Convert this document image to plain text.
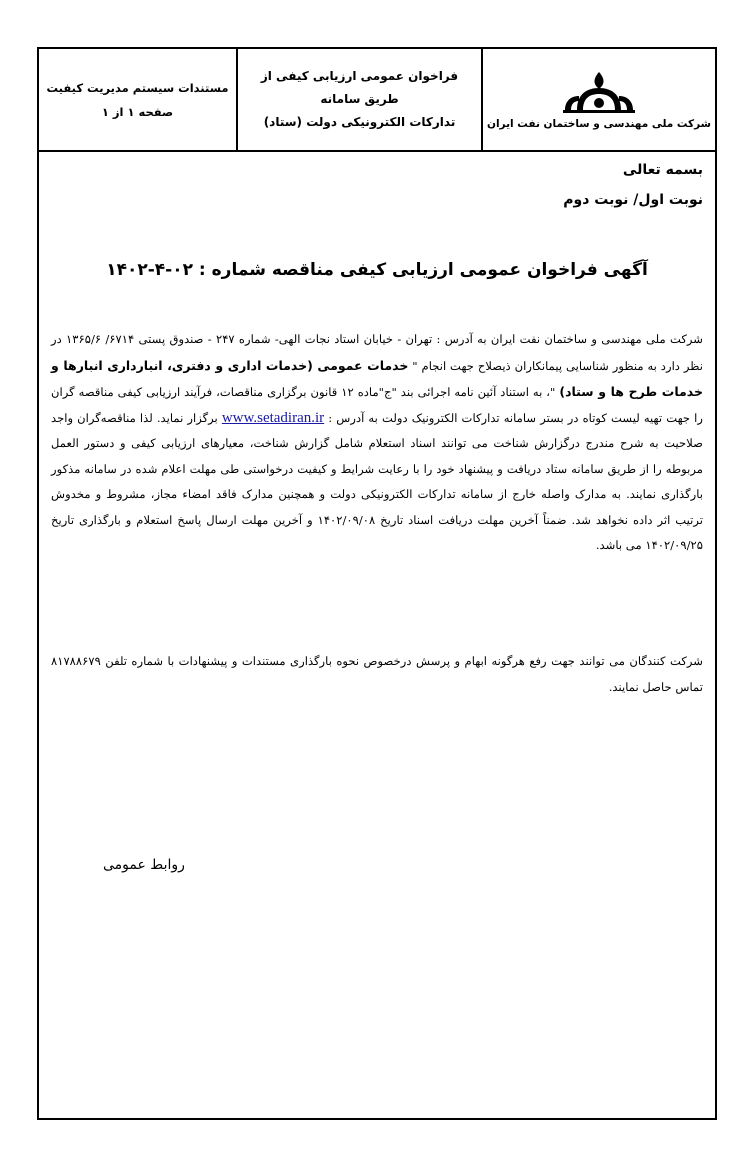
شرکت ملی مهندسی و ساختمان نفت ایران
فراخوان عمومی ارزیابی کیفی از طریق سامانه
تدارکات الکترونیکی دولت (ستاد)
مستندات سیستم مدیریت کیفیت
صفحه ۱ از ۱
بسمه تعالی
نوبت اول/ نوبت دوم
آگهی فراخوان عمومی ارزیابی کیفی مناقصه شماره : ۰۲-۴-۱۴۰۲
شرکت ملی مهندسی و ساختمان نفت ایران به آدرس : تهران - خیابان استاد نجات الهی- شماره ۲۴۷ - صندوق پستی ۶۷۱۴/ ۱۳۶۵/۶ در نظر دارد به منظور شناسایی پیمانکاران ذیصلاح جهت انجام " خدمات عمومی (خدمات اداری و دفتری، انبارداری انبارها و خدمات طرح ها و ستاد) "، به استناد آئین نامه اجرائی بند "ج"ماده ۱۲ قانون برگزاری مناقصات، فرآیند ارزیابی کیفی مناقصه گران را جهت تهیه لیست کوتاه در بستر سامانه تدارکات الکترونیک دولت به آدرس : www.setadiran.ir برگزار نماید. لذا مناقصه‌گران واجد صلاحیت به شرح مندرج درگزارش شناخت می توانند اسناد استعلام شامل گزارش شناخت، معیارهای ارزیابی کیفی و دستور العمل مربوطه را از طریق سامانه ستاد دریافت و پیشنهاد خود را با رعایت شرایط و کیفیت درخواستی طی مهلت اعلام شده در سامانه مذکور بارگذاری نمایند. به مدارک واصله خارج از سامانه تدارکات الکترونیکی دولت و همچنین مدارک فاقد امضاء مجاز، مشروط و مخدوش ترتیب اثر داده نخواهد شد. ضمناً آخرین مهلت دریافت اسناد تاریخ ۱۴۰۲/۰۹/۰۸ و آخرین مهلت ارسال پاسخ استعلام و بارگذاری تاریخ ۱۴۰۲/۰۹/۲۵ می باشد.
شرکت کنندگان می توانند جهت رفع هرگونه ابهام و پرسش درخصوص نحوه بارگذاری مستندات و پیشنهادات با شماره تلفن ۸۱۷۸۸۶۷۹ تماس حاصل نمایند.
روابط عمومی
